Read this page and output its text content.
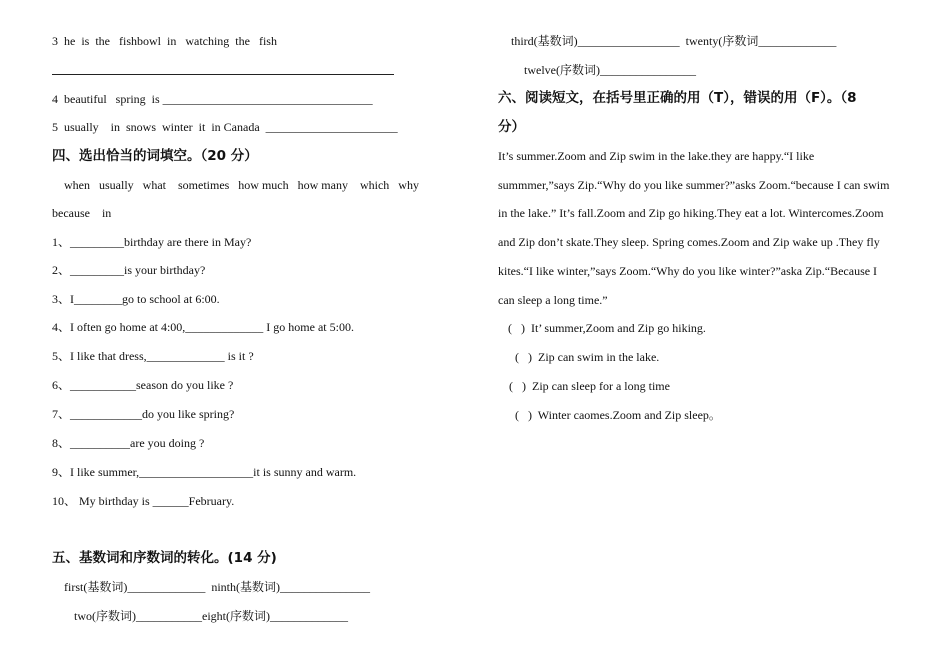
3  he  is  the   fishbowl  in   watching  the   fish
4  beautiful   spring  is ___________________________________
5  usually    in  snows  winter  it  in Canada  ______________________
四、选出恰当的词填空。（20 分）
when   usually   what    sometimes   how much   how many    which   why
because    in
1、_________birthday are there in May?
2、_________is your birthday?
3、I________go to school at 6:00.
4、I often go home at 4:00,_____________ I go home at 5:00.
5、I like that dress,_____________ is it ?
6、___________season do you like ?
7、____________do you like spring?
8、__________are you doing ?
9、I like summer,___________________it is sunny and warm.
10、 My birthday is ______February.
五、基数词和序数词的转化。(14 分)
first(基数词)_____________  ninth(基数词)_______________
two(序数词)___________eight(序数词)_____________
third(基数词)_________________  twenty(序数词_____________
twelve(序数词)________________
六、阅读短文，在括号里正确的用（T），错误的用（F）。（8
分）
It’s summer.Zoom and Zip swim in the lake.they are happy.“I like
summmer,”says Zip.“Why do you like summer?”asks Zoom.“because I can swim
in the lake.” It’s fall.Zoom and Zip go hiking.They eat a lot. Wintercomes.Zoom
and Zip don’t skate.They sleep. Spring comes.Zoom and Zip wake up .They fly
kites.“I like winter,”says Zoom.“Why do you like winter?”aska Zip.“Because I
can sleep a long time.”
(   )  It’ summer,Zoom and Zip go hiking.
(   )  Zip can swim in the lake.
(   )  Zip can sleep for a long time
(   )  Winter caomes.Zoom and Zip sleep。
